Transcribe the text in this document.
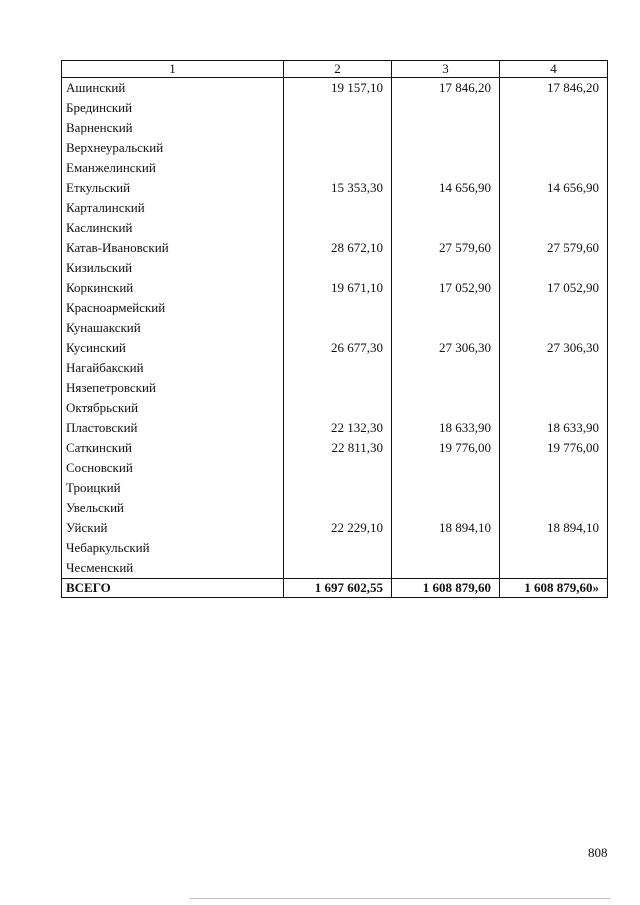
1	2	3	4
Ашинский	19 157,10	17 846,20	17 846,20
Брединский			
Варненский			
Верхнеуральский			
Еманжелинский			
Еткульский	15 353,30	14 656,90	14 656,90
Карталинский			
Каслинский			
Катав-Ивановский	28 672,10	27 579,60	27 579,60
Кизильский			
Коркинский	19 671,10	17 052,90	17 052,90
Красноармейский			
Кунашакский			
Кусинский	26 677,30	27 306,30	27 306,30
Нагайбакский			
Нязепетровский			
Октябрьский			
Пластовский	22 132,30	18 633,90	18 633,90
Саткинский	22 811,30	19 776,00	19 776,00
Сосновский			
Троицкий			
Увельский			
Уйский	22 229,10	18 894,10	18 894,10
Чебаркульский			
Чесменский			
ВСЕГО	1 697 602,55	1 608 879,60	1 608 879,60»
808
